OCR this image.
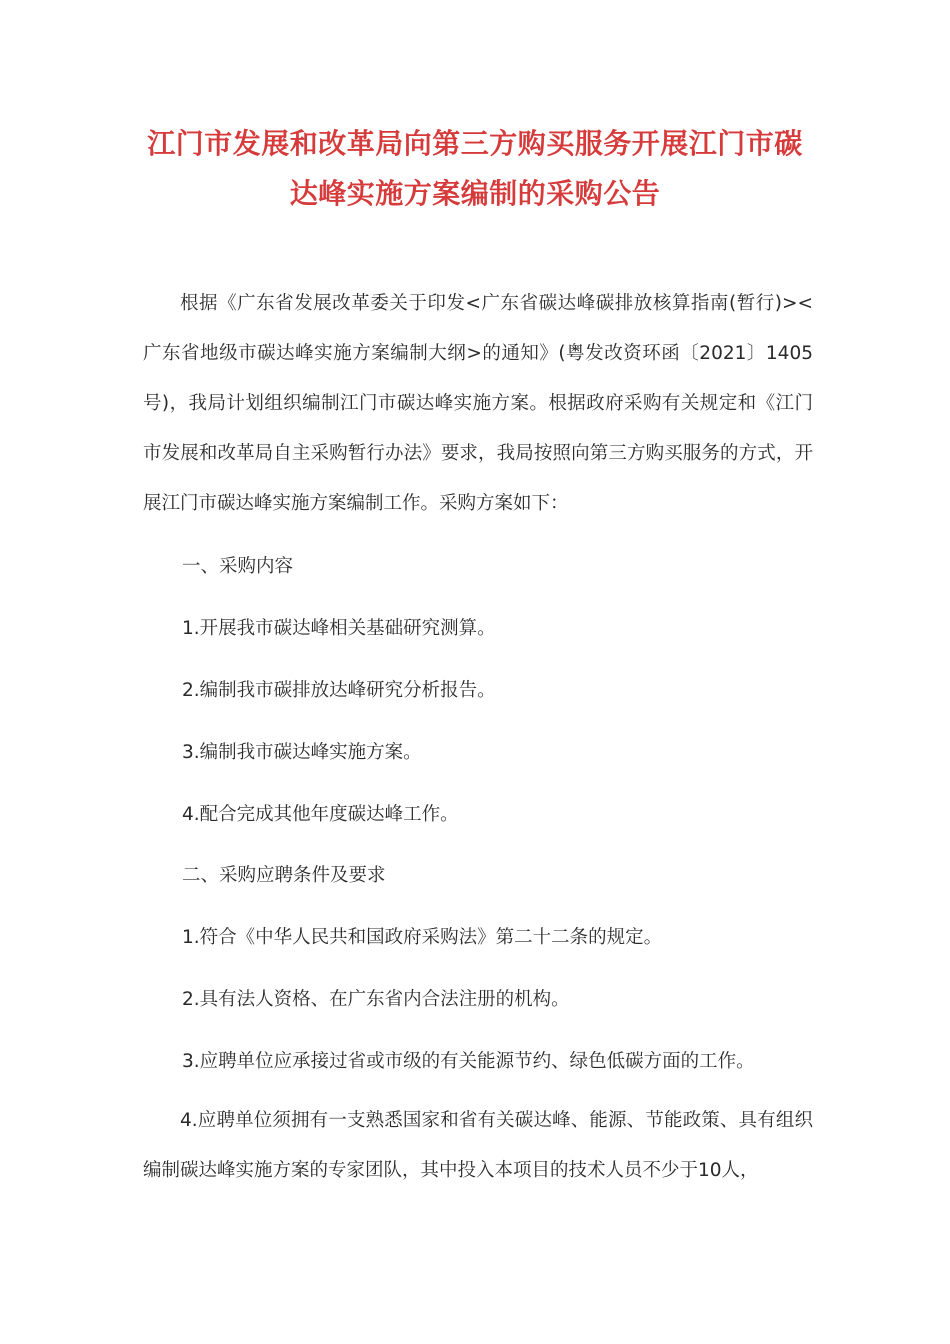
江门市发展和改革局向第三方购买服务开展江门市碳
达峰实施方案编制的采购公告

根据《广东省发展改革委关于印发<广东省碳达峰碳排放核算指南(暂行)><广东省地级市碳达峰实施方案编制大纲>的通知》(粤发改资环函〔2021〕1405号)，我局计划组织编制江门市碳达峰实施方案。根据政府采购有关规定和《江门市发展和改革局自主采购暂行办法》要求，我局按照向第三方购买服务的方式，开展江门市碳达峰实施方案编制工作。采购方案如下：

一、采购内容

1.开展我市碳达峰相关基础研究测算。

2.编制我市碳排放达峰研究分析报告。

3.编制我市碳达峰实施方案。

4.配合完成其他年度碳达峰工作。

二、采购应聘条件及要求

1.符合《中华人民共和国政府采购法》第二十二条的规定。

2.具有法人资格、在广东省内合法注册的机构。

3.应聘单位应承接过省或市级的有关能源节约、绿色低碳方面的工作。

4.应聘单位须拥有一支熟悉国家和省有关碳达峰、能源、节能政策、具有组织编制碳达峰实施方案的专家团队，其中投入本项目的技术人员不少于10人，
